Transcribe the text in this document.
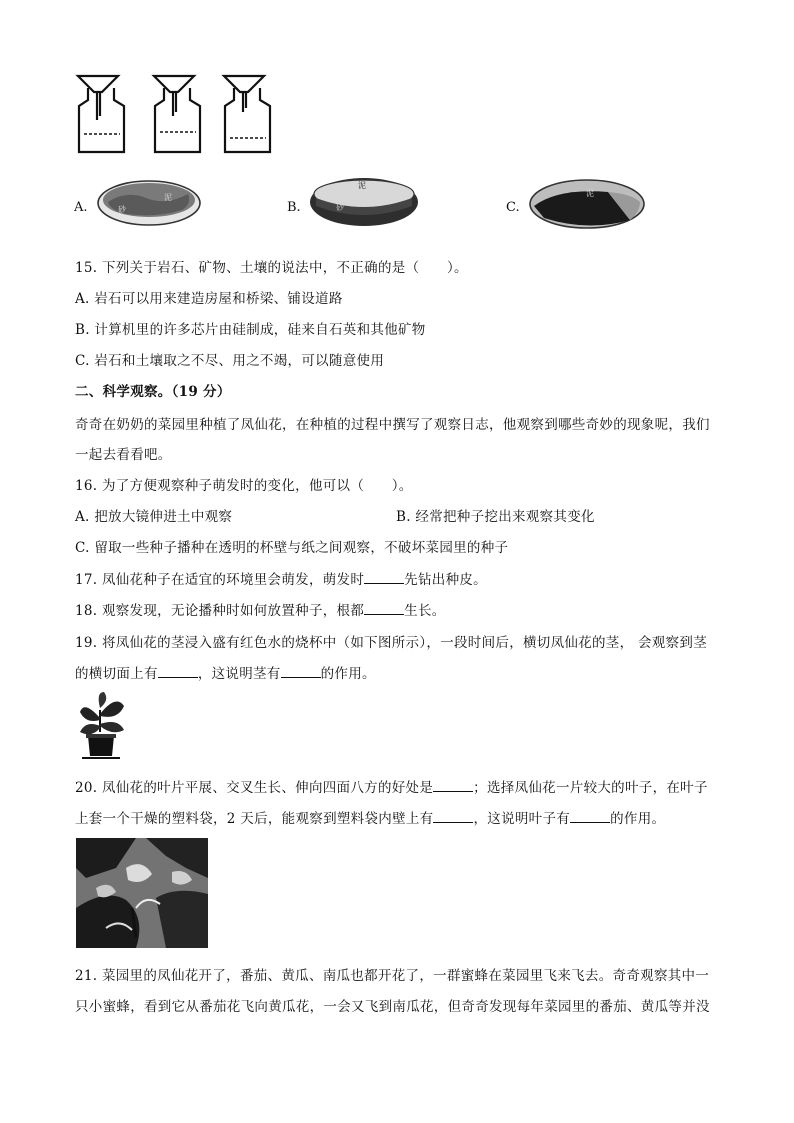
A.	砂
泥
B.
泥
砂	C.
泥
15. 下列关于岩石、矿物、土壤的说法中，不正确的是（　　）。
A. 岩石可以用来建造房屋和桥梁、铺设道路
B. 计算机里的许多芯片由硅制成，硅来自石英和其他矿物
C. 岩石和土壤取之不尽、用之不竭，可以随意使用
二、科学观察。（19 分）
奇奇在奶奶的菜园里种植了凤仙花，在种植的过程中撰写了观察日志，他观察到哪些奇妙的现象呢，我们
一起去看看吧。
16. 为了方便观察种子萌发时的变化，他可以（　　）。
A. 把放大镜伸进土中观察	B. 经常把种子挖出来观察其变化
C. 留取一些种子播种在透明的杯壁与纸之间观察，不破坏菜园里的种子
17. 凤仙花种子在适宜的环境里会萌发，萌发时	先钻出种皮。
18. 观察发现，无论播种时如何放置种子，根都	生长。
19. 将凤仙花的茎浸入盛有红色水的烧杯中（如下图所示），一段时间后，横切凤仙花的茎， 会观察到茎
的横切面上有	，这说明茎有	的作用。
20. 凤仙花的叶片平展、交叉生长、伸向四面八方的好处是	；选择凤仙花一片较大的叶子，在叶子
上套一个干燥的塑料袋，2 天后，能观察到塑料袋内壁上有	，这说明叶子有	的作用。
21. 菜园里的凤仙花开了，番茄、黄瓜、南瓜也都开花了，一群蜜蜂在菜园里飞来飞去。奇奇观察其中一
只小蜜蜂，看到它从番茄花飞向黄瓜花，一会又飞到南瓜花，但奇奇发现每年菜园里的番茄、黄瓜等并没
